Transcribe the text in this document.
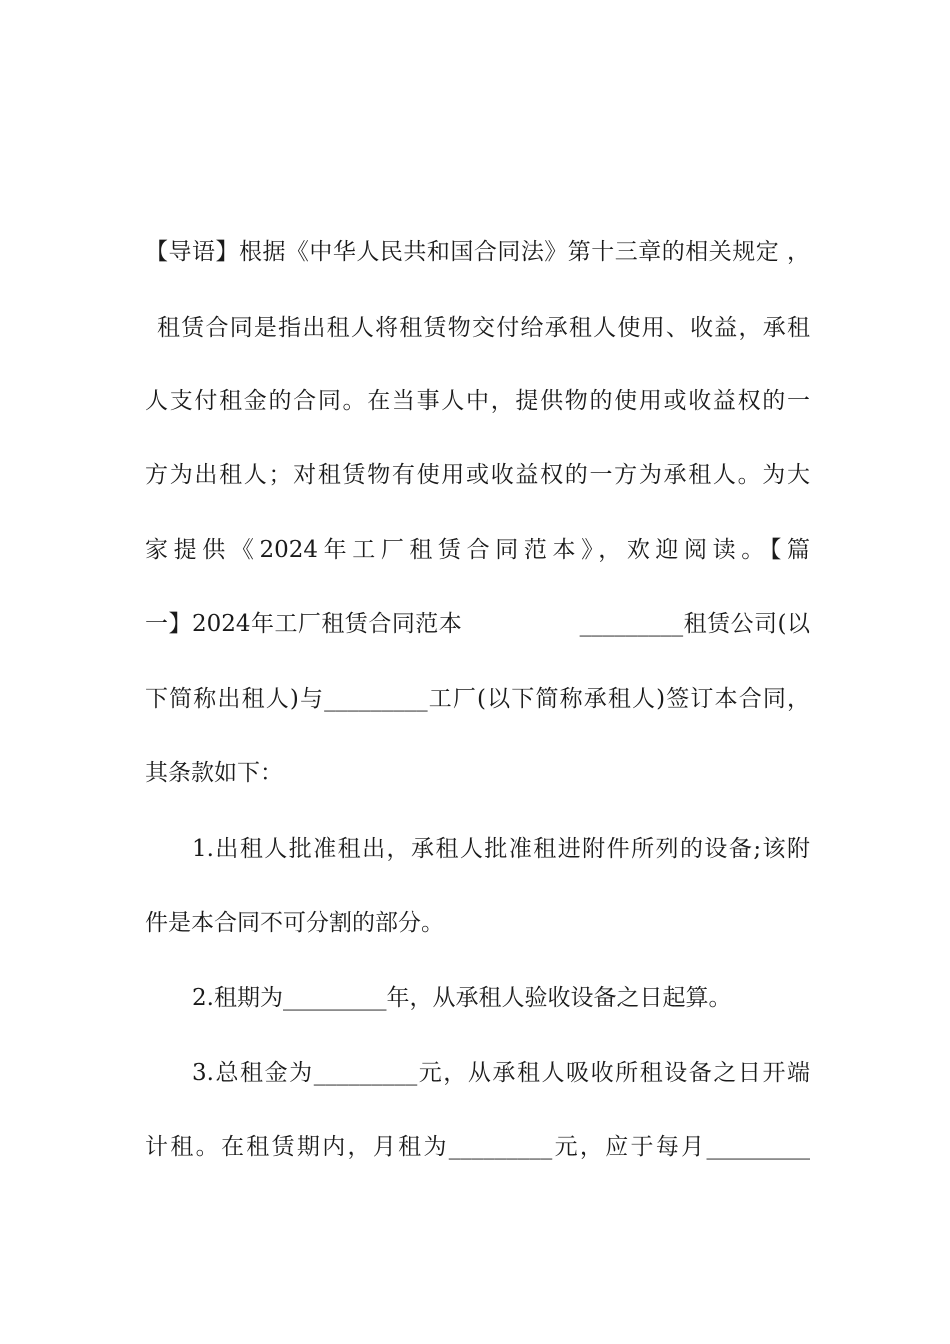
【导语】根据《中华人民共和国合同法》第十三章的相关规定 ，
租赁合同是指出租人将租赁物交付给承租人使用、收益，承租
人支付租金的合同。在当事人中，提供物的使用或收益权的一
方为出租人；对租赁物有使用或收益权的一方为承租人。为大
家提供《2024年工厂租赁合同范本》，欢迎阅读。【篇
一】2024年工厂租赁合同范本　　　　　_________租赁公司(以
下简称出租人)与_________工厂(以下简称承租人)签订本合同，
其条款如下：
1.出租人批准租出，承租人批准租进附件所列的设备;该附
件是本合同不可分割的部分。
2.租期为_________年，从承租人验收设备之日起算。
3.总租金为_________元，从承租人吸收所租设备之日开端
计租。在租赁期内，月租为_________元，应于每月_________
